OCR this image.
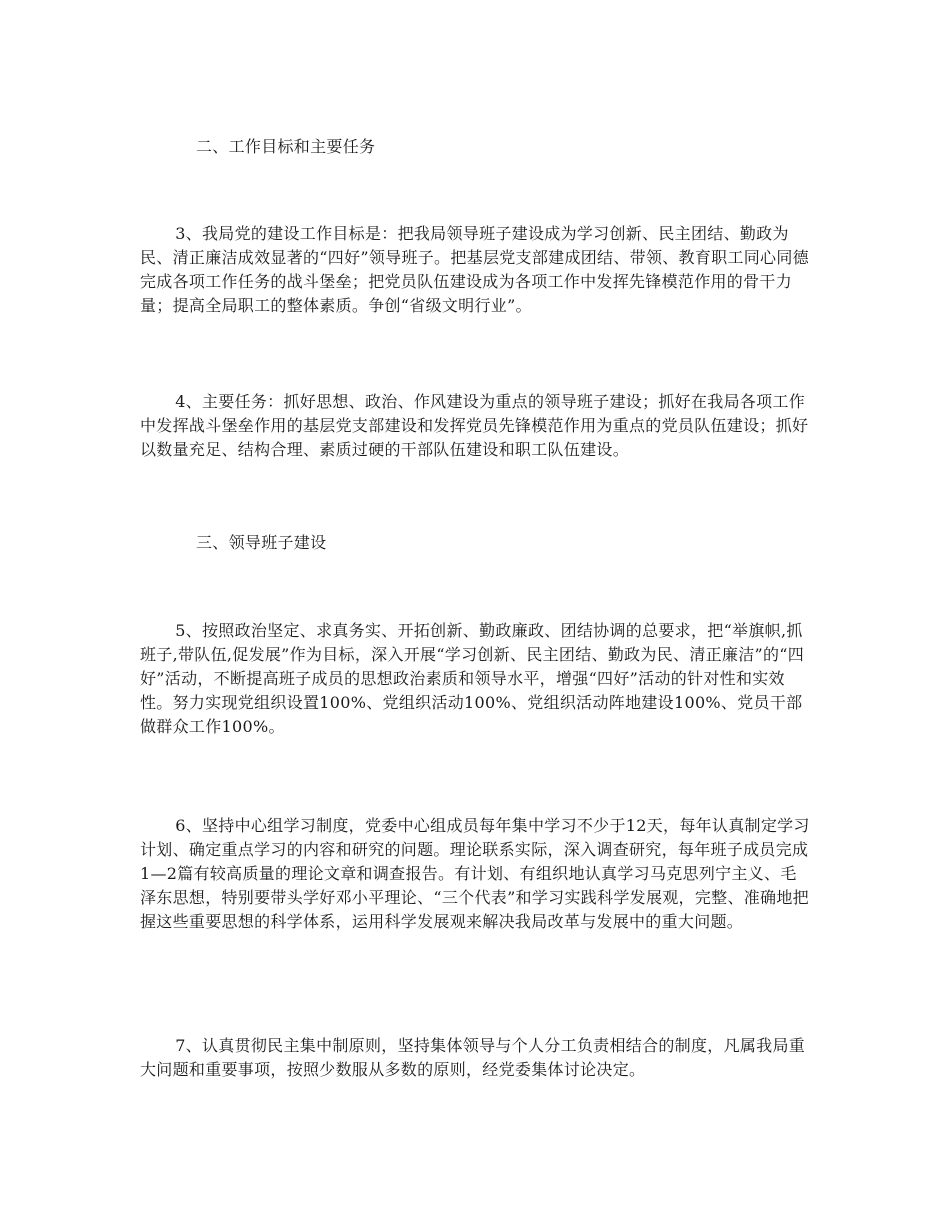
二、工作目标和主要任务

3、我局党的建设工作目标是：把我局领导班子建设成为学习创新、民主团结、勤政为民、清正廉洁成效显著的“四好”领导班子。把基层党支部建成团结、带领、教育职工同心同德完成各项工作任务的战斗堡垒；把党员队伍建设成为各项工作中发挥先锋模范作用的骨干力量；提高全局职工的整体素质。争创“省级文明行业”。

4、主要任务：抓好思想、政治、作风建设为重点的领导班子建设；抓好在我局各项工作中发挥战斗堡垒作用的基层党支部建设和发挥党员先锋模范作用为重点的党员队伍建设；抓好以数量充足、结构合理、素质过硬的干部队伍建设和职工队伍建设。

三、领导班子建设

5、按照政治坚定、求真务实、开拓创新、勤政廉政、团结协调的总要求，把“举旗帜,抓班子,带队伍,促发展”作为目标，深入开展“学习创新、民主团结、勤政为民、清正廉洁”的“四好”活动，不断提高班子成员的思想政治素质和领导水平，增强“四好”活动的针对性和实效性。努力实现党组织设置100%、党组织活动100%、党组织活动阵地建设100%、党员干部做群众工作100%。

6、坚持中心组学习制度，党委中心组成员每年集中学习不少于12天，每年认真制定学习计划、确定重点学习的内容和研究的问题。理论联系实际，深入调查研究，每年班子成员完成1—2篇有较高质量的理论文章和调查报告。有计划、有组织地认真学习马克思列宁主义、毛泽东思想，特别要带头学好邓小平理论、“三个代表”和学习实践科学发展观，完整、准确地把握这些重要思想的科学体系，运用科学发展观来解决我局改革与发展中的重大问题。

7、认真贯彻民主集中制原则，坚持集体领导与个人分工负责相结合的制度，凡属我局重大问题和重要事项，按照少数服从多数的原则，经党委集体讨论决定。
